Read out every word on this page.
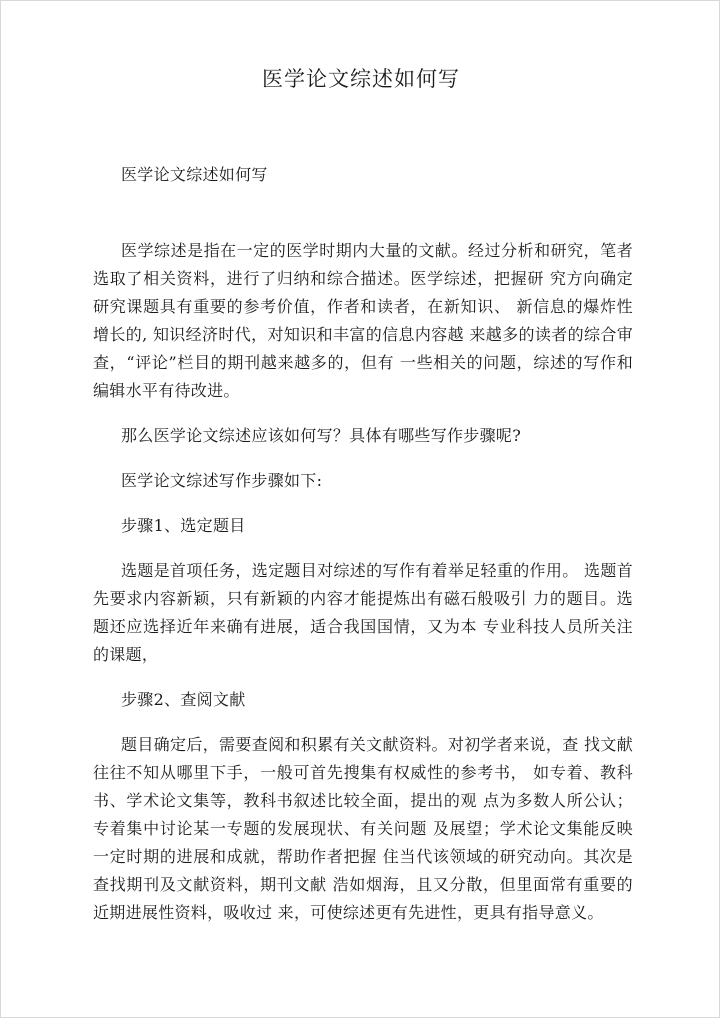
医学论文综述如何写

医学论文综述如何写

医学综述是指在一定的医学时期内大量的文献。经过分析和研究，笔者选取了相关资料，进行了归纳和综合描述。医学综述，把握研 究方向确定研究课题具有重要的参考价值，作者和读者，在新知识、 新信息的爆炸性增长的, 知识经济时代，对知识和丰富的信息内容越 来越多的读者的综合审查，“评论”栏目的期刊越来越多的，但有 一些相关的问题，综述的写作和编辑水平有待改进。

那么医学论文综述应该如何写？具体有哪些写作步骤呢?

医学论文综述写作步骤如下:

步骤1、选定题目

选题是首项任务，选定题目对综述的写作有着举足轻重的作用。 选题首先要求内容新颖，只有新颖的内容才能提炼出有磁石般吸引 力的题目。选题还应选择近年来确有进展，适合我国国情，又为本 专业科技人员所关注的课题，

步骤2、查阅文献

题目确定后，需要查阅和积累有关文献资料。对初学者来说，查 找文献往往不知从哪里下手，一般可首先搜集有权威性的参考书， 如专着、教科书、学术论文集等，教科书叙述比较全面，提出的观 点为多数人所公认；专着集中讨论某一专题的发展现状、有关问题 及展望；学术论文集能反映一定时期的进展和成就，帮助作者把握 住当代该领域的研究动向。其次是查找期刊及文献资料，期刊文献 浩如烟海，且又分散，但里面常有重要的近期进展性资料，吸收过 来，可使综述更有先进性，更具有指导意义。
